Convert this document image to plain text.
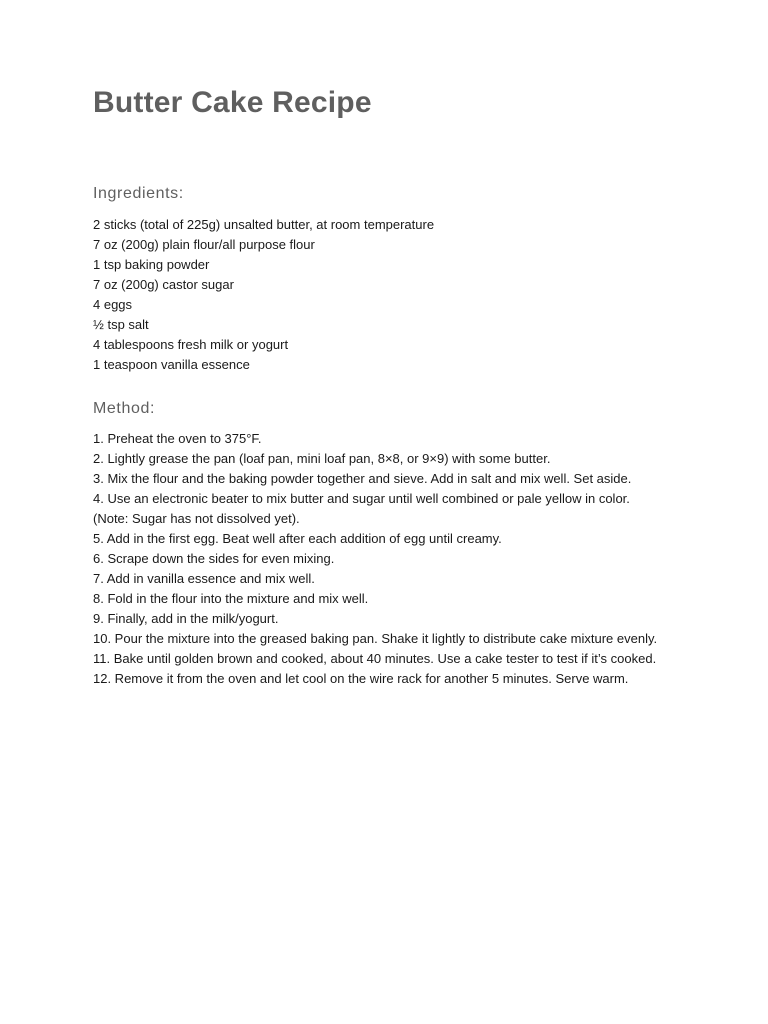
Butter Cake Recipe
Ingredients:
2 sticks (total of 225g) unsalted butter, at room temperature
7 oz (200g) plain flour/all purpose flour
1 tsp baking powder
7 oz (200g) castor sugar
4 eggs
½ tsp salt
4 tablespoons fresh milk or yogurt
1 teaspoon vanilla essence
Method:
1. Preheat the oven to 375°F.
2. Lightly grease the pan (loaf pan, mini loaf pan, 8×8, or 9×9) with some butter.
3. Mix the flour and the baking powder together and sieve. Add in salt and mix well. Set aside.
4. Use an electronic beater to mix butter and sugar until well combined or pale yellow in color.
(Note: Sugar has not dissolved yet).
5. Add in the first egg. Beat well after each addition of egg until creamy.
6. Scrape down the sides for even mixing.
7. Add in vanilla essence and mix well.
8. Fold in the flour into the mixture and mix well.
9. Finally, add in the milk/yogurt.
10. Pour the mixture into the greased baking pan. Shake it lightly to distribute cake mixture evenly.
11. Bake until golden brown and cooked, about 40 minutes. Use a cake tester to test if it’s cooked.
12. Remove it from the oven and let cool on the wire rack for another 5 minutes. Serve warm.
